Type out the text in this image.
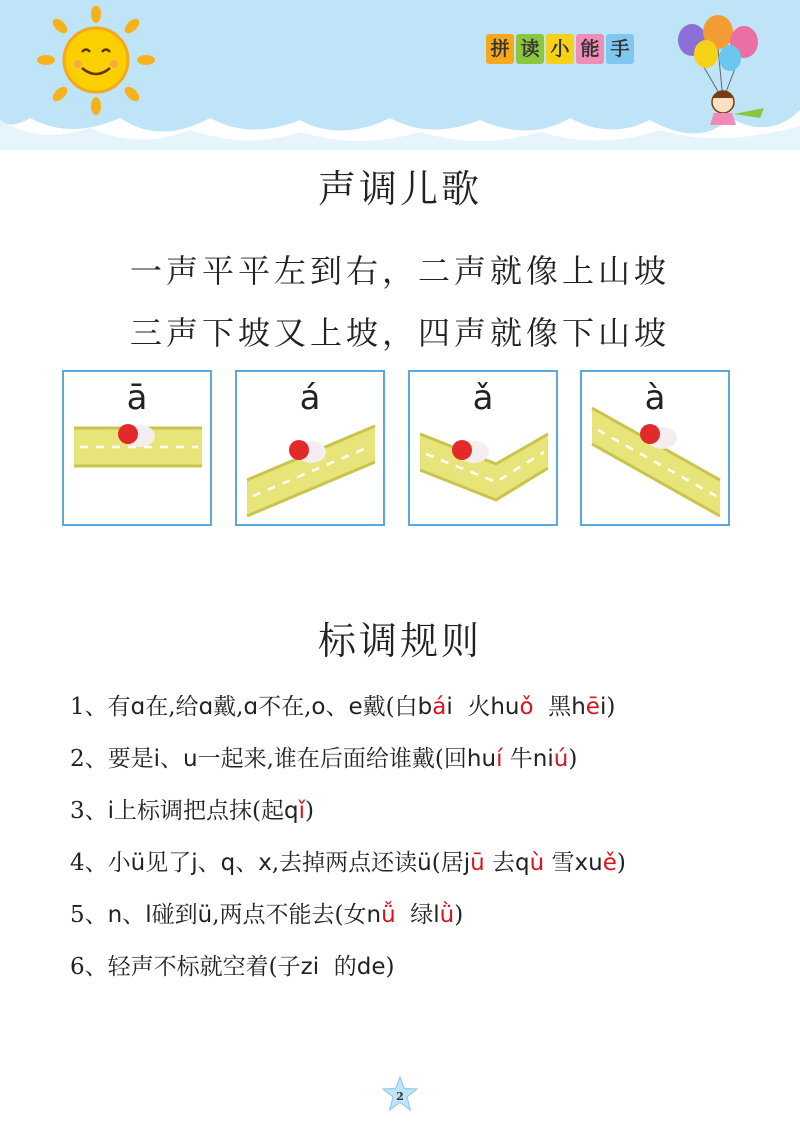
拼 读 小 能 手
声调儿歌
一声平平左到右，二声就像上山坡
三声下坡又上坡，四声就像下山坡
ā	á	ǎ	à
标调规则
1、有ɑ在,给ɑ戴,ɑ不在,o、e戴(白bái  火huǒ  黑hēi)
2、要是i、u一起来,谁在后面给谁戴(回huí 牛niú)
3、i上标调把点抹(起qǐ)
4、小ü见了j、q、x,去掉两点还读ü(居jū 去qù 雪xuě)
5、n、l碰到ü,两点不能去(女nǚ  绿lǜ)
6、轻声不标就空着(子zi  的de)
2
